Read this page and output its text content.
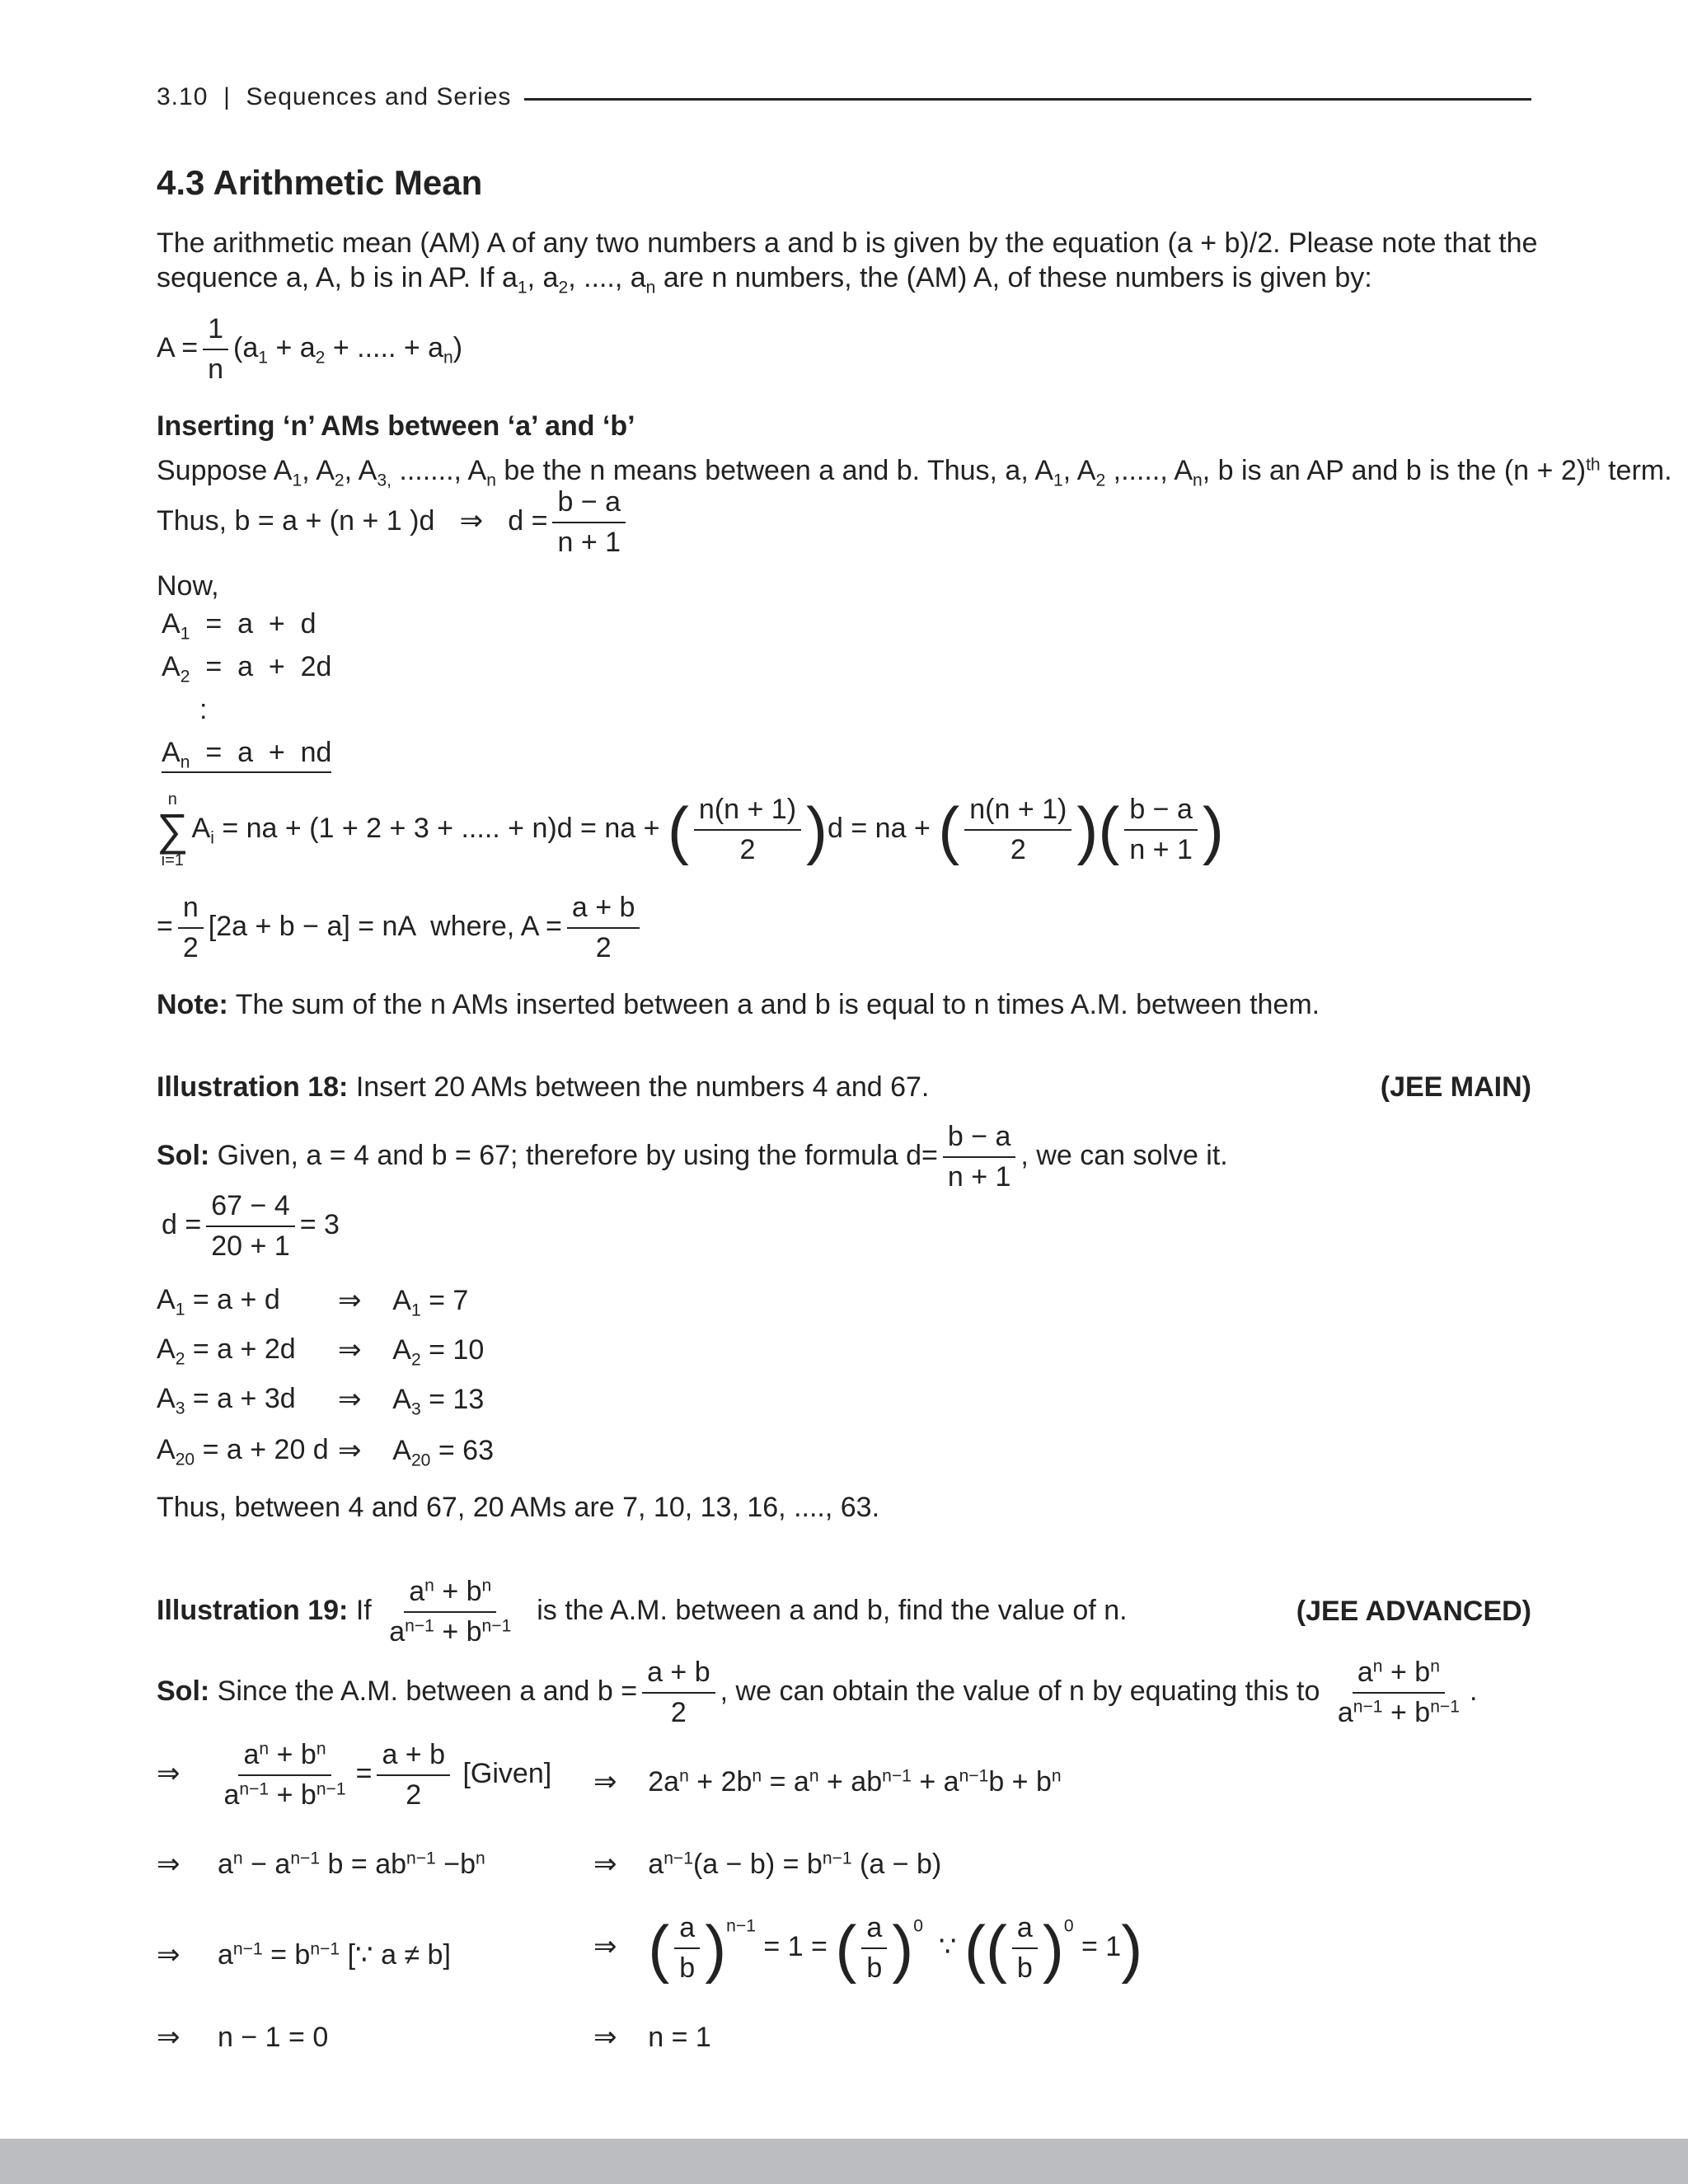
3.10 | Sequences and Series
4.3 Arithmetic Mean
The arithmetic mean (AM) A of any two numbers a and b is given by the equation (a + b)/2. Please note that the
sequence a, A, b is in AP. If $a_1$, $a_2$, ...., $a_n$ are n numbers, the (AM) A, of these numbers is given by:
$A = \frac{1}{n} (a_1 + a_2$ + ..... + $a_n$)
Inserting ‘n’ AMs between ‘a’ and ‘b’
Suppose $A_1$, $A_2$, $A_{3,}$ ......., $A_n$ be the n means between a and b. Thus, a, $A_1$, $A_2$ ,....., $A_n$, b is an AP and b is the $(n + 2)^{th}$ term.
Thus, b = a + (n + 1 )d ⇒ $d = \frac{b - a}{n + 1}$
Now,
$A_1 = a + d$
$A_2 = a + 2d$
:
$A_n = a$  +  nd
n
∑
i=1
$A_i$ = na + (1 + 2 + 3 + ..... + n)d = na + ( $\frac{n(n + 1)}{2} )d$ = na + ( $\frac{n(n + 1)}{2}$ )( $\frac{b - a}{n + 1}$ )
= $\frac{n}{2} [2a + b - a]$ = nA  where, $A = \frac{a + b}{2}$
Note: The sum of the n AMs inserted between a and b is equal to n times A.M. between them.
Illustration 18: Insert 20 AMs between the numbers 4 and 67.	(JEE MAIN)
Sol: Given, a = 4 and b = 67; therefore by using the formula $d= \frac{b - a}{n + 1}$ , we can solve it.
$d = \frac{67 - 4}{20 + 1} = 3$
$A_1 = a + d$ ⇒    $A_1 = 7$
$A_2 = a + 2d$ ⇒    $A_2 = 10$
$A_3 = a + 3d$ ⇒    $A_3 = 13$
$A_{20} = a + 20$ d ⇒    $A_{20} = 63$
Thus, between 4 and 67, 20 AMs are 7, 10, 13, 16, ...., 63.
Illustration 19: If $\frac{a^n + b^n}{a^{n-1} + b^{n-1}}$ is the A.M. between a and b, find the value of n.	(JEE ADVANCED)
Sol: Since the A.M. between a and $b = \frac{a + b}{2}$ , we can obtain the value of n by equating this to $\frac{a^n + b^n}{a^{n-1} + b^{n-1}}$ .
⇒ $\frac{a^n + b^n}{a^{n-1} + b^{n-1}} = \frac{a + b}{2}$ [Given] ⇒    $2a^n + 2b^n = a^n + ab^{n-1} + a^{n-1}b + b^n$
⇒ $a^n - a^{n-1}$ $b = ab^{n-1} -b^n$	⇒    $a^{n-1}(a - b) = b^{n-1}$ (a − b)
⇒ $a^{n-1} = b^{n-1}$ [∵ a ≠ b]	⇒    ( $\frac{a}{b} )^{n-1} = 1$ = ( $\frac{a}{b} )^0$  ∵ (( $\frac{a}{b} )^0 = 1$)
⇒ n − 1 = 0	⇒    n = 1
